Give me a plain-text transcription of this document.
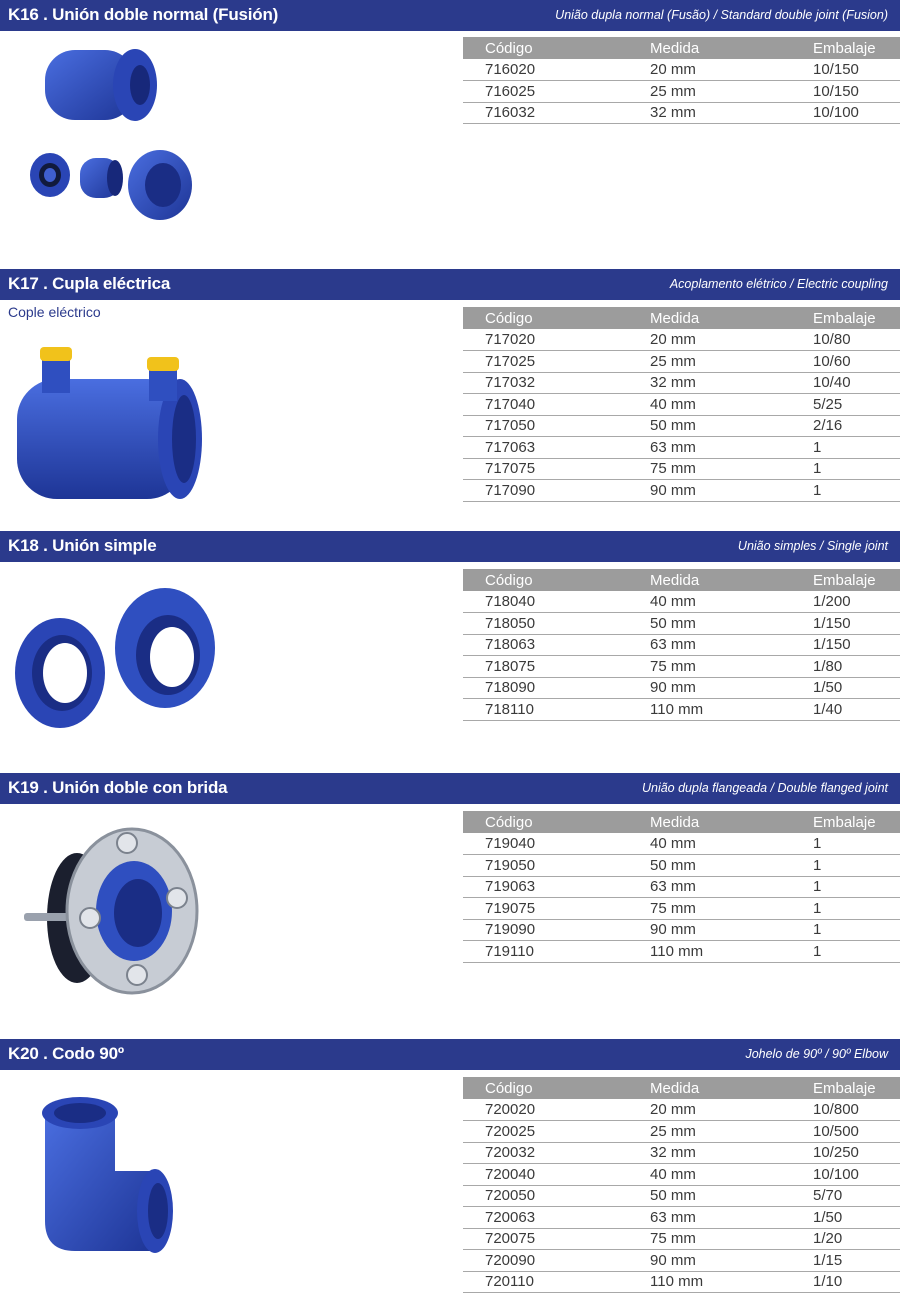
K16 . Unión doble normal (Fusión)	União dupla normal (Fusão) / Standard double joint (Fusion)
Código	Medida	Embalaje
716020	20 mm	10/150
716025	25 mm	10/150
716032	32 mm	10/100
K17 . Cupla eléctrica	Acoplamento elétrico / Electric coupling
Cople eléctrico	Código	Medida	Embalaje
717020	20 mm	10/80
717025	25 mm	10/60
717032	32 mm	10/40
717040	40 mm	5/25
717050	50 mm	2/16
717063	63 mm	1
717075	75 mm	1
717090	90 mm	1
K18 . Unión simple	União simples / Single joint
Código	Medida	Embalaje
718040	40 mm	1/200
718050	50 mm	1/150
718063	63 mm	1/150
718075	75 mm	1/80
718090	90 mm	1/50
718110	110 mm	1/40
K19 . Unión doble con brida	União dupla flangeada / Double flanged joint
Código	Medida	Embalaje
719040	40 mm	1
719050	50 mm	1
719063	63 mm	1
719075	75 mm	1
719090	90 mm	1
719110	110 mm	1
K20 . Codo 90º	Johelo de 90º / 90º Elbow
Código	Medida	Embalaje
720020	20 mm	10/800
720025	25 mm	10/500
720032	32 mm	10/250
720040	40 mm	10/100
720050	50 mm	5/70
720063	63 mm	1/50
720075	75 mm	1/20
720090	90 mm	1/15
720110	110 mm	1/10
